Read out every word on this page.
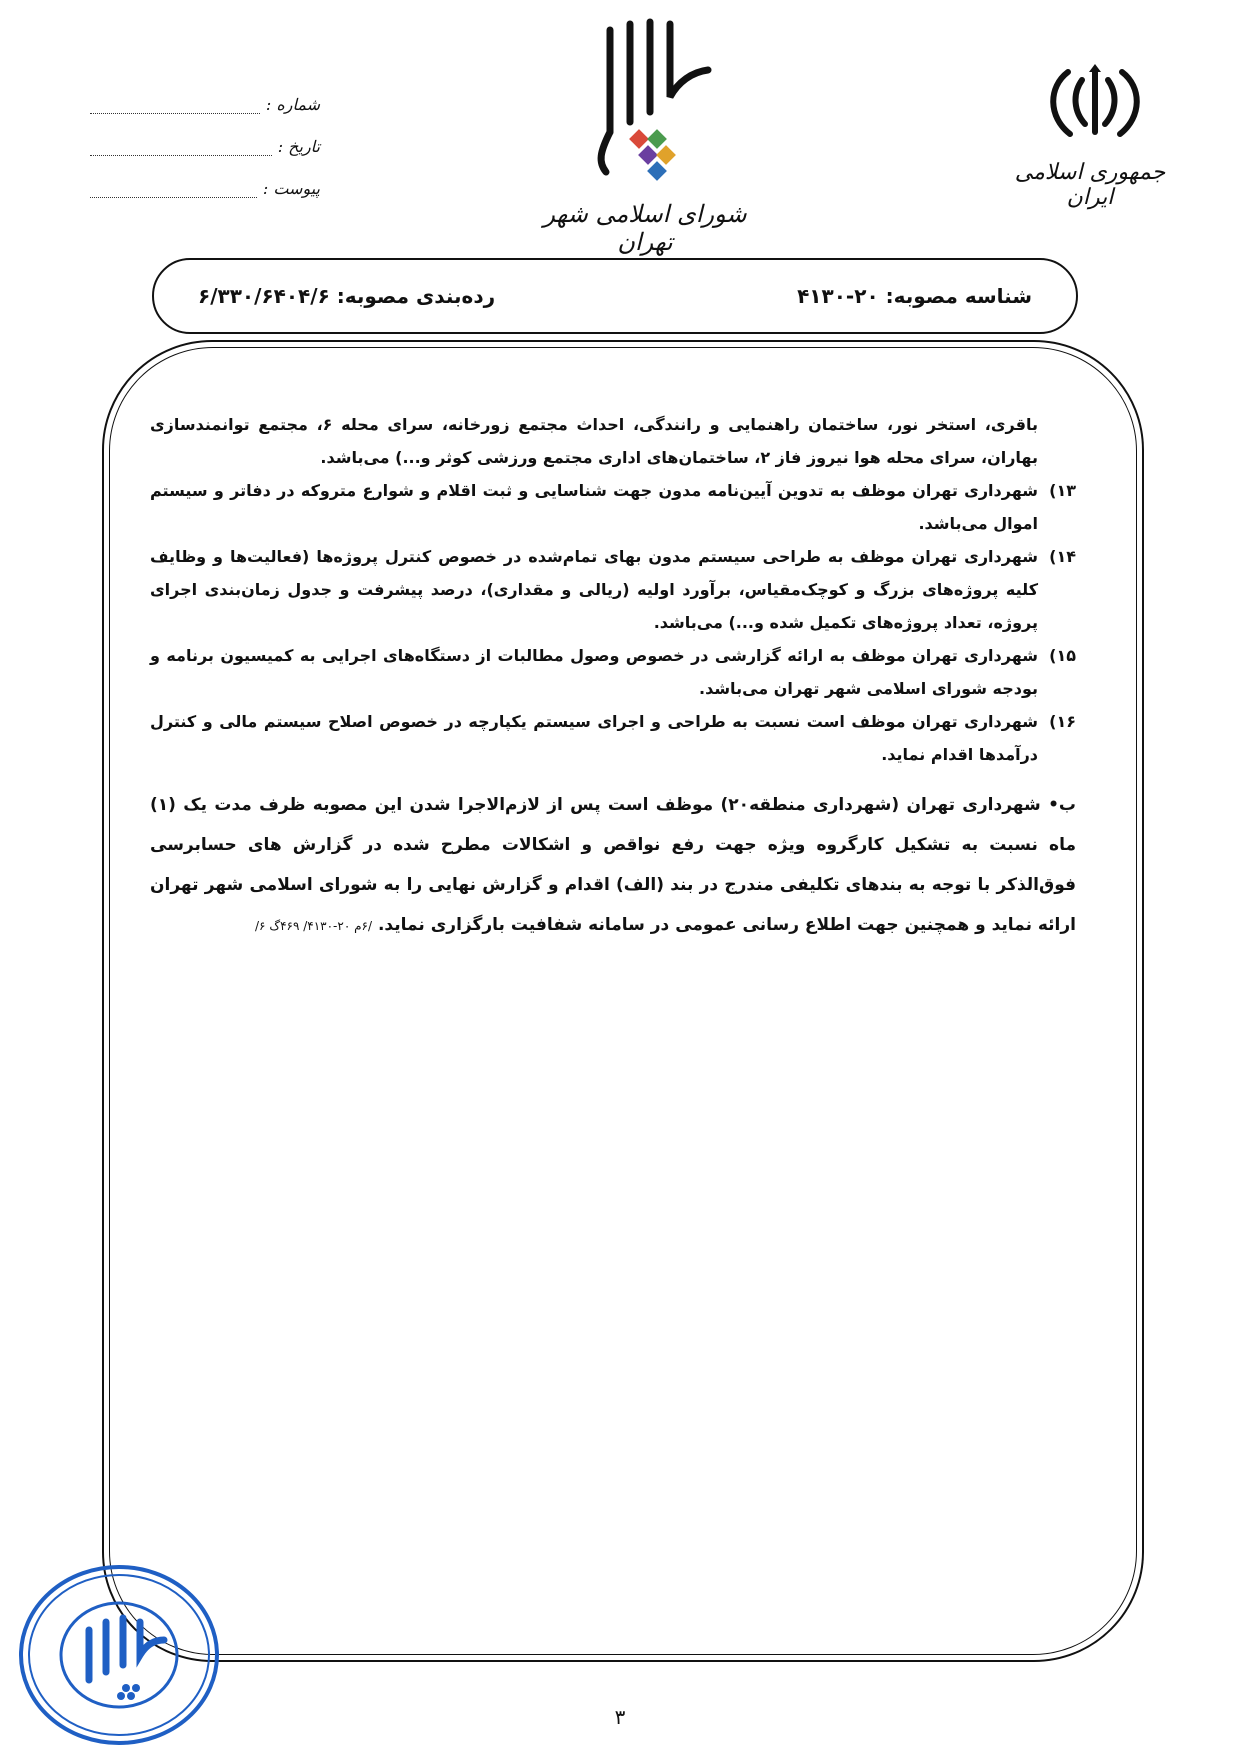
جمهوری اسلامی ایران
شورای اسلامی شهر تهران
شماره :
تاریخ :
پیوست :
شناسه مصوبه: ۲۰-۴۱۳۰
رده‌بندی مصوبه: ۶/۳۳۰/۶۴۰۴/۶

باقری، استخر نور، ساختمان راهنمایی و رانندگی، احداث مجتمع زورخانه، سرای محله ۶، مجتمع توانمندسازی بهاران، سرای محله هوا نیروز فاز ۲، ساختمان‌های اداری مجتمع ورزشی کوثر و...) می‌باشد.

۱۳)
شهرداری تهران موظف به تدوین آیین‌نامه مدون جهت شناسایی و ثبت اقلام و شوارع متروکه در دفاتر و سیستم اموال می‌باشد.
۱۴)
شهرداری تهران موظف به طراحی سیستم مدون بهای تمام‌شده در خصوص کنترل پروژه‌ها (فعالیت‌ها و وظایف کلیه پروژه‌های بزرگ و کوچک‌مقیاس، برآورد اولیه (ریالی و مقداری)، درصد پیشرفت و جدول زمان‌بندی اجرای پروژه، تعداد پروژه‌های تکمیل شده و...) می‌باشد.
۱۵)
شهرداری تهران موظف به ارائه گزارشی در خصوص وصول مطالبات از دستگاه‌های اجرایی به کمیسیون برنامه و بودجه شورای اسلامی شهر تهران می‌باشد.
۱۶)
شهرداری تهران موظف است نسبت به طراحی و اجرای سیستم یکپارچه در خصوص اصلاح سیستم مالی و کنترل درآمدها اقدام نماید.

ب• شهرداری تهران (شهرداری منطقه۲۰) موظف است پس از لازم‌الاجرا شدن این مصوبه ظرف مدت یک (۱) ماه نسبت به تشکیل کارگروه ویژه جهت رفع نواقص و اشکالات مطرح شده در گزارش های حسابرسی فوق‌الذکر با توجه به بندهای تکلیفی مندرج در بند (الف) اقدام و گزارش نهایی را به شورای اسلامی شهر تهران ارائه نماید و همچنین جهت اطلاع رسانی عمومی در سامانه شفافیت بارگزاری نماید. /۶م ۲۰-۴۱۳۰/ ۴۶۹گ ۶/

۳
